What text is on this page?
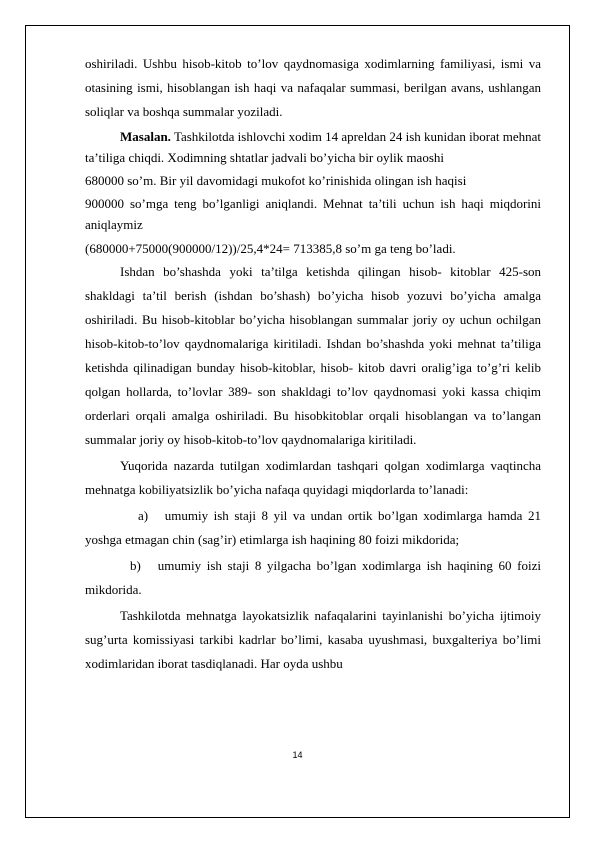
oshiriladi. Ushbu hisob-kitob to’lov qaydnomasiga xodimlarning familiyasi, ismi va otasining ismi, hisoblangan ish haqi va nafaqalar summasi, berilgan avans, ushlangan soliqlar va boshqa summalar yoziladi.

Masalan. Tashkilotda ishlovchi xodim 14 apreldan 24 ish kunidan iborat mehnat ta’tiliga chiqdi. Xodimning shtatlar jadvali bo’yicha bir oylik maoshi

680000 so’m. Bir yil davomidagi mukofot ko’rinishida olingan ish haqisi

900000 so’mga teng bo’lganligi aniqlandi. Mehnat ta’tili uchun ish haqi miqdorini aniqlaymiz

(680000+75000(900000/12))/25,4*24= 713385,8 so’m ga teng bo’ladi.

Ishdan bo’shashda yoki ta’tilga ketishda qilingan hisob- kitoblar 425-son shakldagi ta’til berish (ishdan bo’shash) bo’yicha hisob yozuvi bo’yicha amalga oshiriladi. Bu hisob-kitoblar bo’yicha hisoblangan summalar joriy oy uchun ochilgan hisob-kitob-to’lov qaydnomalariga kiritiladi. Ishdan bo’shashda yoki mehnat ta’tiliga ketishda qilinadigan bunday hisob-kitoblar, hisob- kitob davri oralig’iga to’g’ri kelib qolgan hollarda, to’lovlar 389- son shakldagi to’lov qaydnomasi yoki kassa chiqim orderlari orqali amalga oshiriladi. Bu hisobkitoblar orqali hisoblangan va to’langan summalar joriy oy hisob-kitob-to’lov qaydnomalariga kiritiladi.

Yuqorida nazarda tutilgan xodimlardan tashqari qolgan xodimlarga vaqtincha mehnatga kobiliyatsizlik bo’yicha nafaqa quyidagi miqdorlarda to’lanadi:

a) umumiy ish staji 8 yil va undan ortik bo’lgan xodimlarga hamda 21 yoshga etmagan chin (sag’ir) etimlarga ish haqining 80 foizi mikdorida;

b) umumiy ish staji 8 yilgacha bo’lgan xodimlarga ish haqining 60 foizi mikdorida.

Tashkilotda mehnatga layokatsizlik nafaqalarini tayinlanishi bo’yicha ijtimoiy sug’urta komissiyasi tarkibi kadrlar bo’limi, kasaba uyushmasi, buxgalteriya bo’limi xodimlaridan iborat tasdiqlanadi. Har oyda ushbu

14
